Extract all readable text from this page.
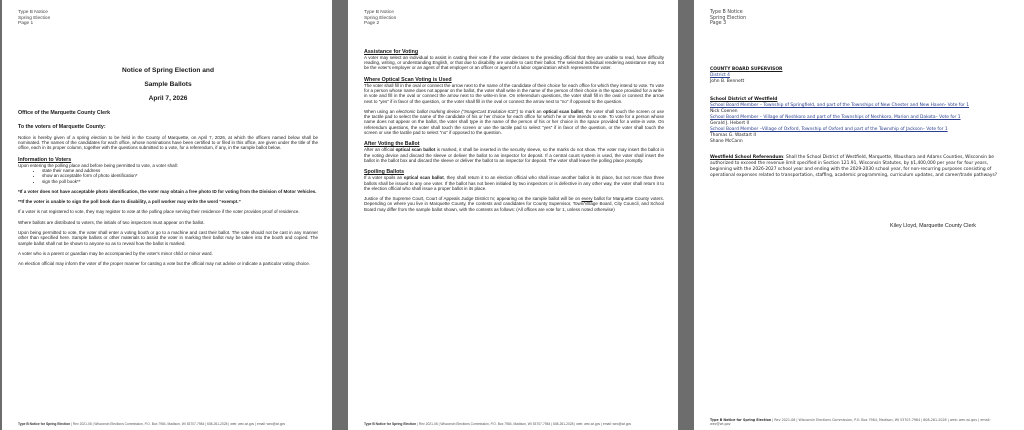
Type B Notice
Spring Election
Page 1
Notice of Spring Election and
Sample Ballots
April 7, 2026
Office of the Marquette County Clerk
To the voters of Marquette County:
Notice is hereby given of a spring election to be held in the County of Marquette, on April 7, 2026, at which the officers named below shall be nominated. The names of the candidates for each office, whose nominations have been certified to or filed in this office, are given under the title of the office, each in its proper column, together with the questions submitted to a vote, for a referendum, if any, in the sample ballot below.
Information to Voters
Upon entering the polling place and before being permitted to vote, a voter shall:
• state their name and address
• show an acceptable form of photo identification*
• sign the poll book**
*If a voter does not have acceptable photo identification, the voter may obtain a free photo ID for voting from the Division of Motor Vehicles.
**If the voter is unable to sign the poll book due to disability, a poll worker may write the word “exempt.”
If a voter is not registered to vote, they may register to vote at the polling place serving their residence if the voter provides proof of residence.
Where ballots are distributed to voters, the initials of two inspectors must appear on the ballot.
Upon being permitted to vote, the voter shall enter a voting booth or go to a machine and cast their ballot. The vote should not be cast in any manner other than specified here. Sample ballots or other materials to assist the voter in marking their ballot may be taken into the booth and copied. The sample ballot shall not be shown to anyone so as to reveal how the ballot is marked.
A voter who is a parent or guardian may be accompanied by the voter's minor child or minor ward.
An election official may inform the voter of the proper manner for casting a vote but the official may not advise or indicate a particular voting choice.
Type B Notice for Spring Election | Rev 2021-06 | Wisconsin Elections Commission, P.O. Box 7984, Madison, WI 53707-7984 | 608-261-2028 | web: wec.wi.gov | email: wec@wi.gov
Type B Notice
Spring Election
Page 2
Assistance for Voting
A voter may select an individual to assist in casting their vote if the voter declares to the presiding official that they are unable to read, have difficulty reading, writing, or understanding English, or that due to disability are unable to cast their ballot. The selected individual rendering assistance may not be the voter's employer or an agent of that employer or an officer or agent of a labor organization which represents the voter.
Where Optical Scan Voting is Used
The voter shall fill in the oval or connect the arrow next to the name of the candidate of their choice for each office for which they intend to vote. To vote for a person whose name does not appear on the ballot, the voter shall write in the name of the person of their choice in the space provided for a write-in vote and fill in the oval or connect the arrow next to the write-in line. On referendum questions, the voter shall fill in the oval or connect the arrow next to “yes” if in favor of the question, or the voter shall fill in the oval or connect the arrow next to “no” if opposed to the question.
When using an electronic ballot marking device (“ImageCast Evolution-ICE”) to mark an optical scan ballot, the voter shall touch the screen or use the tactile pad to select the name of the candidate of his or her choice for each office for which he or she intends to vote. To vote for a person whose name does not appear on the ballot, the voter shall type in the name of the person of his or her choice in the space provided for a write-in vote. On referendum questions, the voter shall touch the screen or use the tactile pad to select “yes” if in favor of the question, or the voter shall touch the screen or use the tactile pad to select “no” if opposed to the question.
After Voting the Ballot
After an official optical scan ballot is marked, it shall be inserted in the security sleeve, so the marks do not show. The voter may insert the ballot in the voting device and discard the sleeve or deliver the ballot to an inspector for deposit. If a central count system is used, the voter shall insert the ballot in the ballot box and discard the sleeve or deliver the ballot to an inspector for deposit. The voter shall leave the polling place promptly.
Spoiling Ballots
If a voter spoils an optical scan ballot, they shall return it to an election official who shall issue another ballot in its place, but not more than three ballots shall be issued to any one voter. If the ballot has not been initialed by two inspectors or is defective in any other way, the voter shall return it to the election official who shall issue a proper ballot in its place.
Justice of the Supreme Court, Court of Appeals Judge District IV, appearing on the sample ballot will be on every ballot for Marquette County voters. Depending on where you live in Marquette County, the contests and candidates for County Supervisor, Town/Village Board, City Council, and School Board may differ from the sample ballot shown, with the contests as follows: (All offices are vote for 1, unless noted otherwise)
Type B Notice for Spring Election | Rev 2021-06 | Wisconsin Elections Commission, P.O. Box 7984, Madison, WI 53707-7984 | 608-261-2028 | web: wec.wi.gov | email: wec@wi.gov
Type B Notice
Spring Election
Page 3
COUNTY BOARD SUPERVISOR
District 4
John B. Bennett
School District of Westfield
School Board Member – Township of Springfield, and part of the Townships of New Chester and New Haven- Vote for 1
Nick Coenen
School Board Member – Village of Neshkoro and part of the Townships of Neshkoro, Marion and Dakota– Vote for 1
Gerald J. Hebert II
School Board Member –Village of Oxford, Township of Oxford and part of the Township of Jackson– Vote for 1
Thomas G. Wastart II
Shane McCann
Westfield School Referendum: Shall the School District of Westfield, Marquette, Waushara and Adams Counties, Wisconsin be authorized to exceed the revenue limit specified in Section 121.91, Wisconsin Statutes, by $1,400,000 per year for four years, beginning with the 2026-2027 school year and ending with the 2029-2030 school year, for non-recurring purposes consisting of operational expenses related to transportation, staffing, academic programming, curriculum updates, and career/trade pathways?
Kiley Lloyd, Marquette County Clerk
Type B Notice for Spring Election | Rev 2021-06 | Wisconsin Elections Commission, P.O. Box 7984, Madison, WI 53707-7984 | 608-261-2028 | web: wec.wi.gov | email: wec@wi.gov
